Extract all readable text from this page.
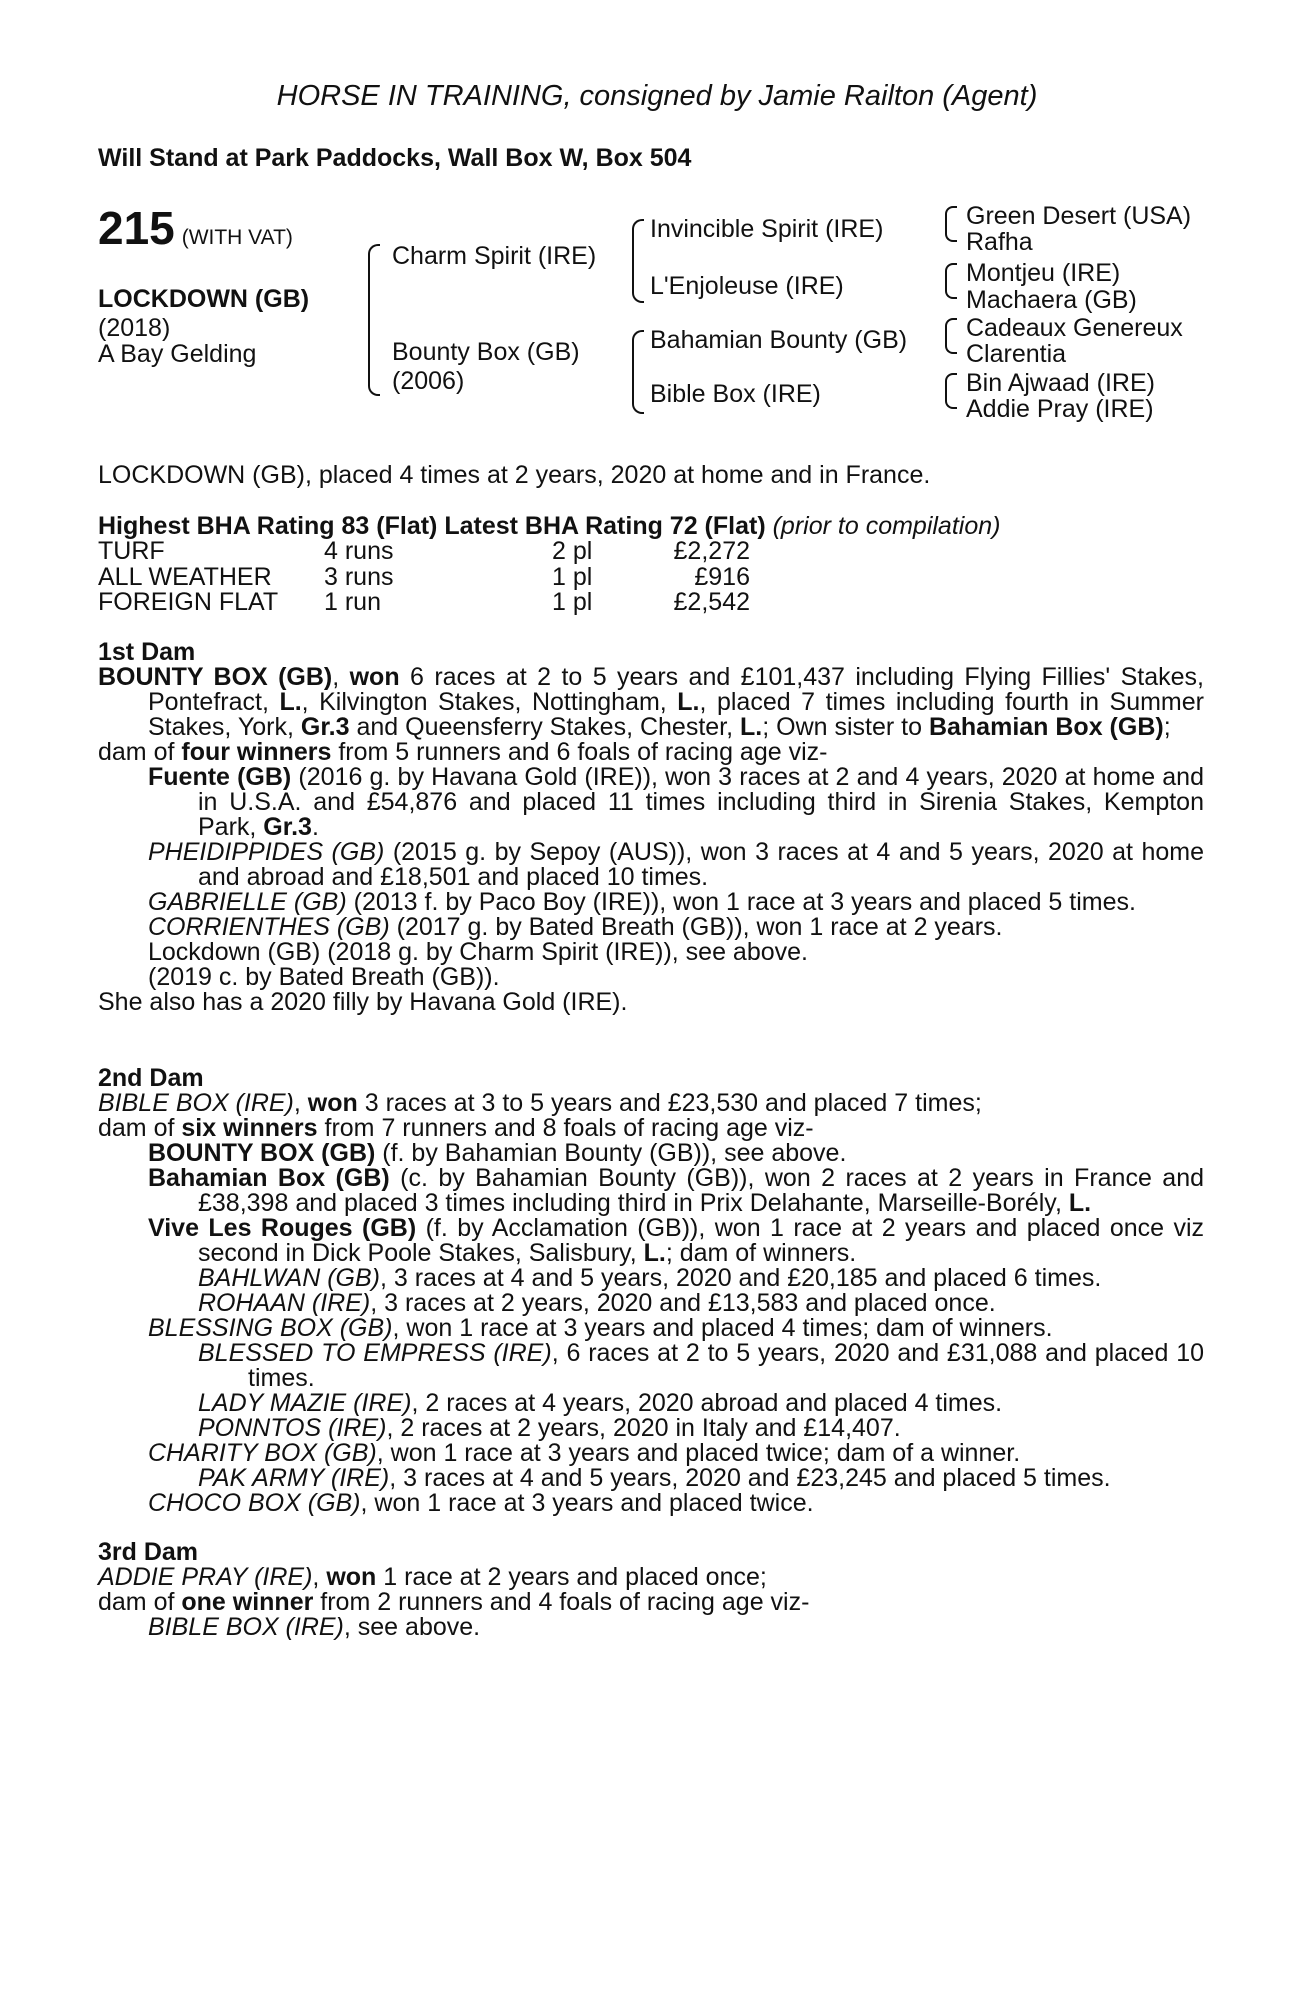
HORSE IN TRAINING, consigned by Jamie Railton (Agent)
Will Stand at Park Paddocks, Wall Box W, Box 504
215 (WITH VAT)
LOCKDOWN (GB)
(2018)
A Bay Gelding
Charm Spirit (IRE)
Bounty Box (GB)
(2006)
Invincible Spirit (IRE)
L'Enjoleuse (IRE)
Bahamian Bounty (GB)
Bible Box (IRE)
Green Desert (USA)
Rafha
Montjeu (IRE)
Machaera (GB)
Cadeaux Genereux
Clarentia
Bin Ajwaad (IRE)
Addie Pray (IRE)
LOCKDOWN (GB), placed 4 times at 2 years, 2020 at home and in France.
Highest BHA Rating 83 (Flat) Latest BHA Rating 72 (Flat) (prior to compilation)
TURF	4 runs	2 pl	£2,272
ALL WEATHER	3 runs	1 pl	£916
FOREIGN FLAT	1 run	1 pl	£2,542
1st Dam
BOUNTY BOX (GB), won 6 races at 2 to 5 years and £101,437 including Flying Fillies' Stakes, Pontefract, L., Kilvington Stakes, Nottingham, L., placed 7 times including fourth in Summer Stakes, York, Gr.3 and Queensferry Stakes, Chester, L.; Own sister to Bahamian Box (GB);
dam of four winners from 5 runners and 6 foals of racing age viz-
Fuente (GB) (2016 g. by Havana Gold (IRE)), won 3 races at 2 and 4 years, 2020 at home and in U.S.A. and £54,876 and placed 11 times including third in Sirenia Stakes, Kempton Park, Gr.3.
PHEIDIPPIDES (GB) (2015 g. by Sepoy (AUS)), won 3 races at 4 and 5 years, 2020 at home and abroad and £18,501 and placed 10 times.
GABRIELLE (GB) (2013 f. by Paco Boy (IRE)), won 1 race at 3 years and placed 5 times.
CORRIENTHES (GB) (2017 g. by Bated Breath (GB)), won 1 race at 2 years.
Lockdown (GB) (2018 g. by Charm Spirit (IRE)), see above.
(2019 c. by Bated Breath (GB)).
She also has a 2020 filly by Havana Gold (IRE).
2nd Dam
BIBLE BOX (IRE), won 3 races at 3 to 5 years and £23,530 and placed 7 times;
dam of six winners from 7 runners and 8 foals of racing age viz-
BOUNTY BOX (GB) (f. by Bahamian Bounty (GB)), see above.
Bahamian Box (GB) (c. by Bahamian Bounty (GB)), won 2 races at 2 years in France and £38,398 and placed 3 times including third in Prix Delahante, Marseille-Borély, L.
Vive Les Rouges (GB) (f. by Acclamation (GB)), won 1 race at 2 years and placed once viz second in Dick Poole Stakes, Salisbury, L.; dam of winners.
BAHLWAN (GB), 3 races at 4 and 5 years, 2020 and £20,185 and placed 6 times.
ROHAAN (IRE), 3 races at 2 years, 2020 and £13,583 and placed once.
BLESSING BOX (GB), won 1 race at 3 years and placed 4 times; dam of winners.
BLESSED TO EMPRESS (IRE), 6 races at 2 to 5 years, 2020 and £31,088 and placed 10 times.
LADY MAZIE (IRE), 2 races at 4 years, 2020 abroad and placed 4 times.
PONNTOS (IRE), 2 races at 2 years, 2020 in Italy and £14,407.
CHARITY BOX (GB), won 1 race at 3 years and placed twice; dam of a winner.
PAK ARMY (IRE), 3 races at 4 and 5 years, 2020 and £23,245 and placed 5 times.
CHOCO BOX (GB), won 1 race at 3 years and placed twice.
3rd Dam
ADDIE PRAY (IRE), won 1 race at 2 years and placed once;
dam of one winner from 2 runners and 4 foals of racing age viz-
BIBLE BOX (IRE), see above.
